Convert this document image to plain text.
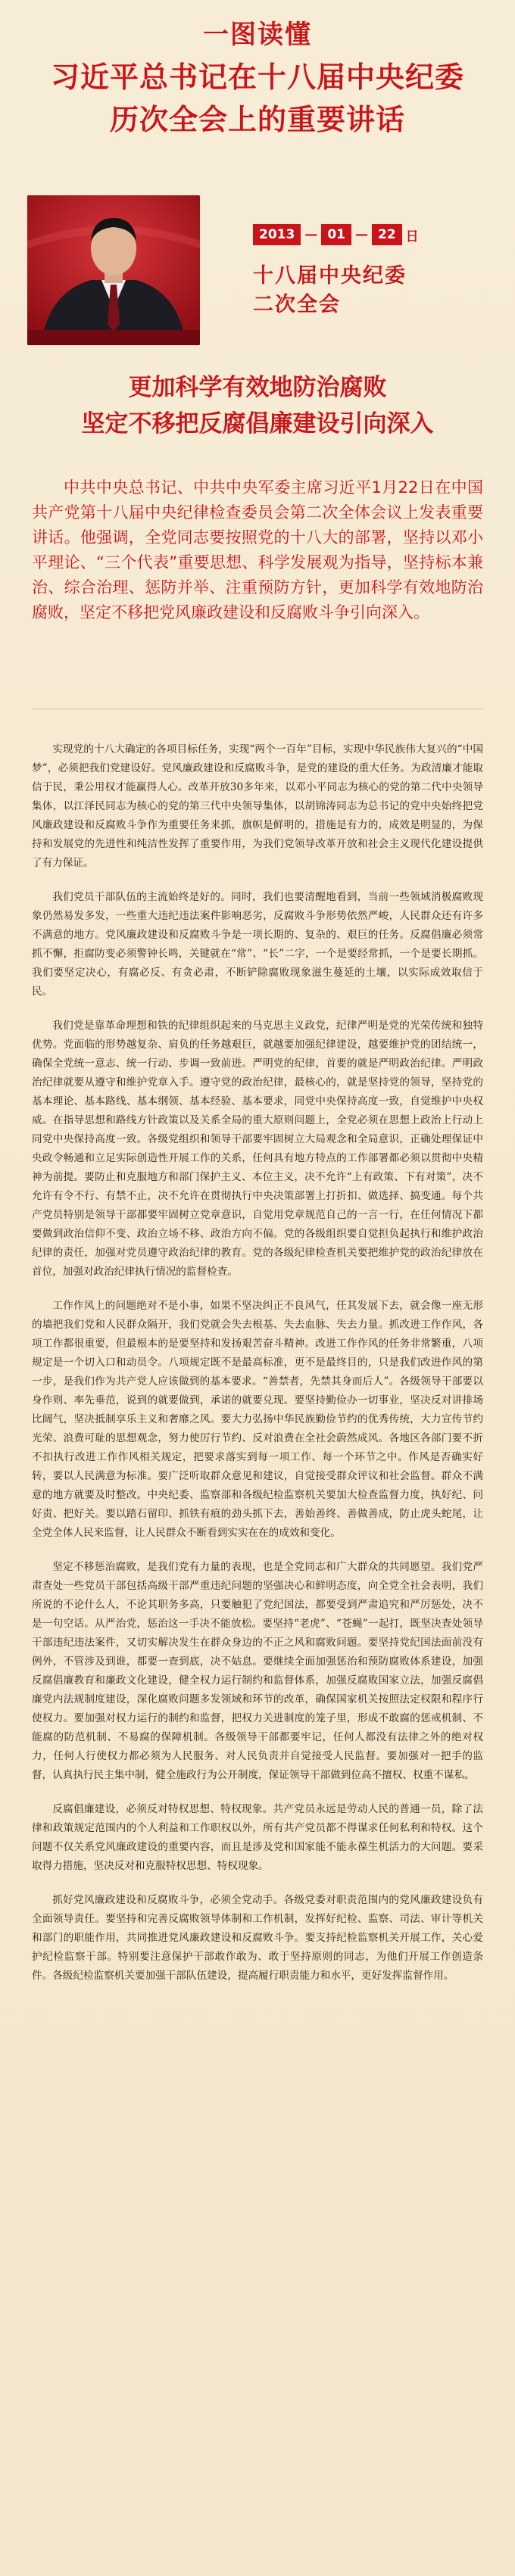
一图读懂
习近平总书记在十八届中央纪委
历次全会上的重要讲话
2013 — 01 — 22 日
十八届中央纪委
二次全会
更加科学有效地防治腐败
坚定不移把反腐倡廉建设引向深入

中共中央总书记、中共中央军委主席习近平1月22日在中国共产党第十八届中央纪律检查委员会第二次全体会议上发表重要讲话。他强调，全党同志要按照党的十八大的部署，坚持以邓小平理论、“三个代表”重要思想、科学发展观为指导，坚持标本兼治、综合治理、惩防并举、注重预防方针，更加科学有效地防治腐败，坚定不移把党风廉政建设和反腐败斗争引向深入。

实现党的十八大确定的各项目标任务，实现“两个一百年”目标，实现中华民族伟大复兴的“中国梦”，必须把我们党建设好。党风廉政建设和反腐败斗争，是党的建设的重大任务。为政清廉才能取信于民，秉公用权才能赢得人心。改革开放30多年来，以邓小平同志为核心的党的第二代中央领导集体，以江泽民同志为核心的党的第三代中央领导集体，以胡锦涛同志为总书记的党中央始终把党风廉政建设和反腐败斗争作为重要任务来抓，旗帜是鲜明的，措施是有力的，成效是明显的，为保持和发展党的先进性和纯洁性发挥了重要作用，为我们党领导改革开放和社会主义现代化建设提供了有力保证。

我们党员干部队伍的主流始终是好的。同时，我们也要清醒地看到，当前一些领域消极腐败现象仍然易发多发，一些重大违纪违法案件影响恶劣，反腐败斗争形势依然严峻，人民群众还有许多不满意的地方。党风廉政建设和反腐败斗争是一项长期的、复杂的、艰巨的任务。反腐倡廉必须常抓不懈，拒腐防变必须警钟长鸣，关键就在“常”、“长”二字，一个是要经常抓，一个是要长期抓。我们要坚定决心，有腐必反、有贪必肃，不断铲除腐败现象滋生蔓延的土壤，以实际成效取信于民。

我们党是靠革命理想和铁的纪律组织起来的马克思主义政党，纪律严明是党的光荣传统和独特优势。党面临的形势越复杂、肩负的任务越艰巨，就越要加强纪律建设，越要维护党的团结统一，确保全党统一意志、统一行动、步调一致前进。严明党的纪律，首要的就是严明政治纪律。严明政治纪律就要从遵守和维护党章入手。遵守党的政治纪律，最核心的，就是坚持党的领导，坚持党的基本理论、基本路线、基本纲领、基本经验、基本要求，同党中央保持高度一致，自觉维护中央权威。在指导思想和路线方针政策以及关系全局的重大原则问题上，全党必须在思想上政治上行动上同党中央保持高度一致。各级党组织和领导干部要牢固树立大局观念和全局意识，正确处理保证中央政令畅通和立足实际创造性开展工作的关系，任何具有地方特点的工作部署都必须以贯彻中央精神为前提。要防止和克服地方和部门保护主义、本位主义，决不允许“上有政策、下有对策”，决不允许有令不行、有禁不止，决不允许在贯彻执行中央决策部署上打折扣、做选择、搞变通。每个共产党员特别是领导干部都要牢固树立党章意识，自觉用党章规范自己的一言一行，在任何情况下都要做到政治信仰不变、政治立场不移、政治方向不偏。党的各级组织要自觉担负起执行和维护政治纪律的责任，加强对党员遵守政治纪律的教育。党的各级纪律检查机关要把维护党的政治纪律放在首位，加强对政治纪律执行情况的监督检查。

工作作风上的问题绝对不是小事，如果不坚决纠正不良风气，任其发展下去，就会像一座无形的墙把我们党和人民群众隔开，我们党就会失去根基、失去血脉、失去力量。抓改进工作作风，各项工作都很重要，但最根本的是要坚持和发扬艰苦奋斗精神。改进工作作风的任务非常繁重，八项规定是一个切入口和动员令。八项规定既不是最高标准，更不是最终目的，只是我们改进作风的第一步，是我们作为共产党人应该做到的基本要求。“善禁者，先禁其身而后人”。各级领导干部要以身作则、率先垂范，说到的就要做到，承诺的就要兑现。要坚持勤俭办一切事业，坚决反对讲排场比阔气，坚决抵制享乐主义和奢靡之风。要大力弘扬中华民族勤俭节约的优秀传统，大力宣传节约光荣、浪费可耻的思想观念，努力使厉行节约、反对浪费在全社会蔚然成风。各地区各部门要不折不扣执行改进工作作风相关规定，把要求落实到每一项工作、每一个环节之中。作风是否确实好转，要以人民满意为标准。要广泛听取群众意见和建议，自觉接受群众评议和社会监督。群众不满意的地方就要及时整改。中央纪委、监察部和各级纪检监察机关要加大检查监督力度，执好纪、问好责、把好关。要以踏石留印、抓铁有痕的劲头抓下去，善始善终、善做善成，防止虎头蛇尾，让全党全体人民来监督，让人民群众不断看到实实在在的成效和变化。

坚定不移惩治腐败，是我们党有力量的表现，也是全党同志和广大群众的共同愿望。我们党严肃查处一些党员干部包括高级干部严重违纪问题的坚强决心和鲜明态度，向全党全社会表明，我们所说的不论什么人，不论其职务多高，只要触犯了党纪国法，都要受到严肃追究和严厉惩处，决不是一句空话。从严治党，惩治这一手决不能放松。要坚持“老虎”、“苍蝇”一起打，既坚决查处领导干部违纪违法案件，又切实解决发生在群众身边的不正之风和腐败问题。要坚持党纪国法面前没有例外，不管涉及到谁，都要一查到底，决不姑息。要继续全面加强惩治和预防腐败体系建设，加强反腐倡廉教育和廉政文化建设，健全权力运行制约和监督体系，加强反腐败国家立法，加强反腐倡廉党内法规制度建设，深化腐败问题多发领域和环节的改革，确保国家机关按照法定权限和程序行使权力。要加强对权力运行的制约和监督，把权力关进制度的笼子里，形成不敢腐的惩戒机制、不能腐的防范机制、不易腐的保障机制。各级领导干部都要牢记，任何人都没有法律之外的绝对权力，任何人行使权力都必须为人民服务、对人民负责并自觉接受人民监督。要加强对一把手的监督，认真执行民主集中制，健全施政行为公开制度，保证领导干部做到位高不擅权、权重不谋私。

反腐倡廉建设，必须反对特权思想、特权现象。共产党员永远是劳动人民的普通一员，除了法律和政策规定范围内的个人利益和工作职权以外，所有共产党员都不得谋求任何私利和特权。这个问题不仅关系党风廉政建设的重要内容，而且是涉及党和国家能不能永葆生机活力的大问题。要采取得力措施，坚决反对和克服特权思想、特权现象。

抓好党风廉政建设和反腐败斗争，必须全党动手。各级党委对职责范围内的党风廉政建设负有全面领导责任。要坚持和完善反腐败领导体制和工作机制，发挥好纪检、监察、司法、审计等机关和部门的职能作用，共同推进党风廉政建设和反腐败斗争。要支持纪检监察机关开展工作，关心爱护纪检监察干部。特别要注意保护干部敢作敢为、敢于坚持原则的同志，为他们开展工作创造条件。各级纪检监察机关要加强干部队伍建设，提高履行职责能力和水平，更好发挥监督作用。
